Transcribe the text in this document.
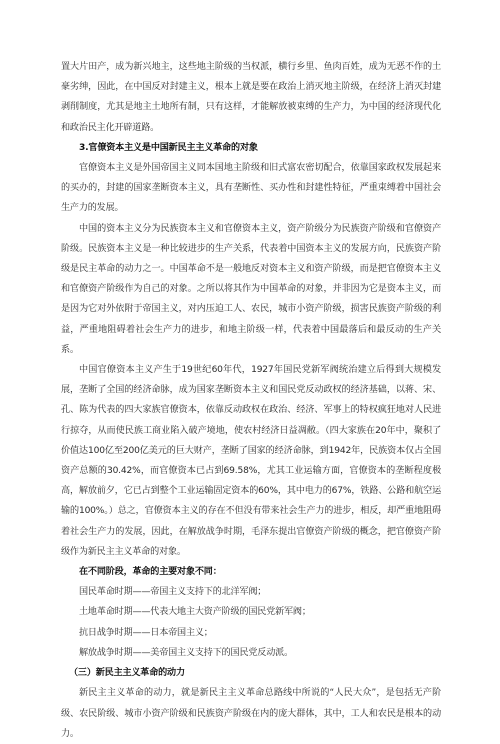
置大片田产，成为新兴地主，这些地主阶级的当权派，横行乡里、鱼肉百姓，成为无恶不作的土豪劣绅，因此，在中国反对封建主义，根本上就是要在政治上消灭地主阶级，在经济上消灭封建剥削制度，尤其是地主土地所有制，只有这样，才能解放被束缚的生产力，为中国的经济现代化和政治民主化开辟道路。

3.官僚资本主义是中国新民主主义革命的对象

官僚资本主义是外国帝国主义同本国地主阶级和旧式富农密切配合，依靠国家政权发展起来的买办的，封建的国家垄断资本主义，具有垄断性、买办性和封建性特征，严重束缚着中国社会生产力的发展。

中国的资本主义分为民族资本主义和官僚资本主义，资产阶级分为民族资产阶级和官僚资产阶级。民族资本主义是一种比较进步的生产关系，代表着中国资本主义的发展方向，民族资产阶级是民主革命的动力之一。中国革命不是一般地反对资本主义和资产阶级，而是把官僚资本主义和官僚资产阶级作为自己的对象。之所以将其作为中国革命的对象，并非因为它是资本主义，而是因为它对外依附于帝国主义，对内压迫工人、农民，城市小资产阶级，损害民族资产阶级的利益，严重地阻碍着社会生产力的进步，和地主阶级一样，代表着中国最落后和最反动的生产关系。

中国官僚资本主义产生于19世纪60年代，1927年国民党新军阀统治建立后得到大规模发展，垄断了全国的经济命脉，成为国家垄断资本主义和国民党反动政权的经济基础，以蒋、宋、孔、陈为代表的四大家族官僚资本，依靠反动政权在政治、经济、军事上的特权疯狂地对人民进行掠夺，从而使民族工商业陷入破产境地，使农村经济日益凋敝。（四大家族在20年中，聚积了价值达100亿至200亿美元的巨大财产，垄断了国家的经济命脉，到1942年，民族资本仅占全国资产总额的30.42%，而官僚资本已占到69.58%，尤其工业运输方面，官僚资本的垄断程度极高，解放前夕，它已占到整个工业运输固定资本的60%，其中电力的67%，铁路、公路和航空运输的100%。）总之，官僚资本主义的存在不但没有带来社会生产力的进步，相反，却严重地阻碍着社会生产力的发展，因此，在解放战争时期，毛泽东提出官僚资产阶级的概念，把官僚资产阶级作为新民主主义革命的对象。

在不同阶段，革命的主要对象不同：

国民革命时期——帝国主义支持下的北洋军阀；

土地革命时期——代表大地主大资产阶级的国民党新军阀；

抗日战争时期——日本帝国主义；

解放战争时期——美帝国主义支持下的国民党反动派。

（三）新民主主义革命的动力

新民主主义革命的动力，就是新民主主义革命总路线中所说的“人民大众”，是包括无产阶级、农民阶级、城市小资产阶级和民族资产阶级在内的庞大群体，其中，工人和农民是根本的动力。
